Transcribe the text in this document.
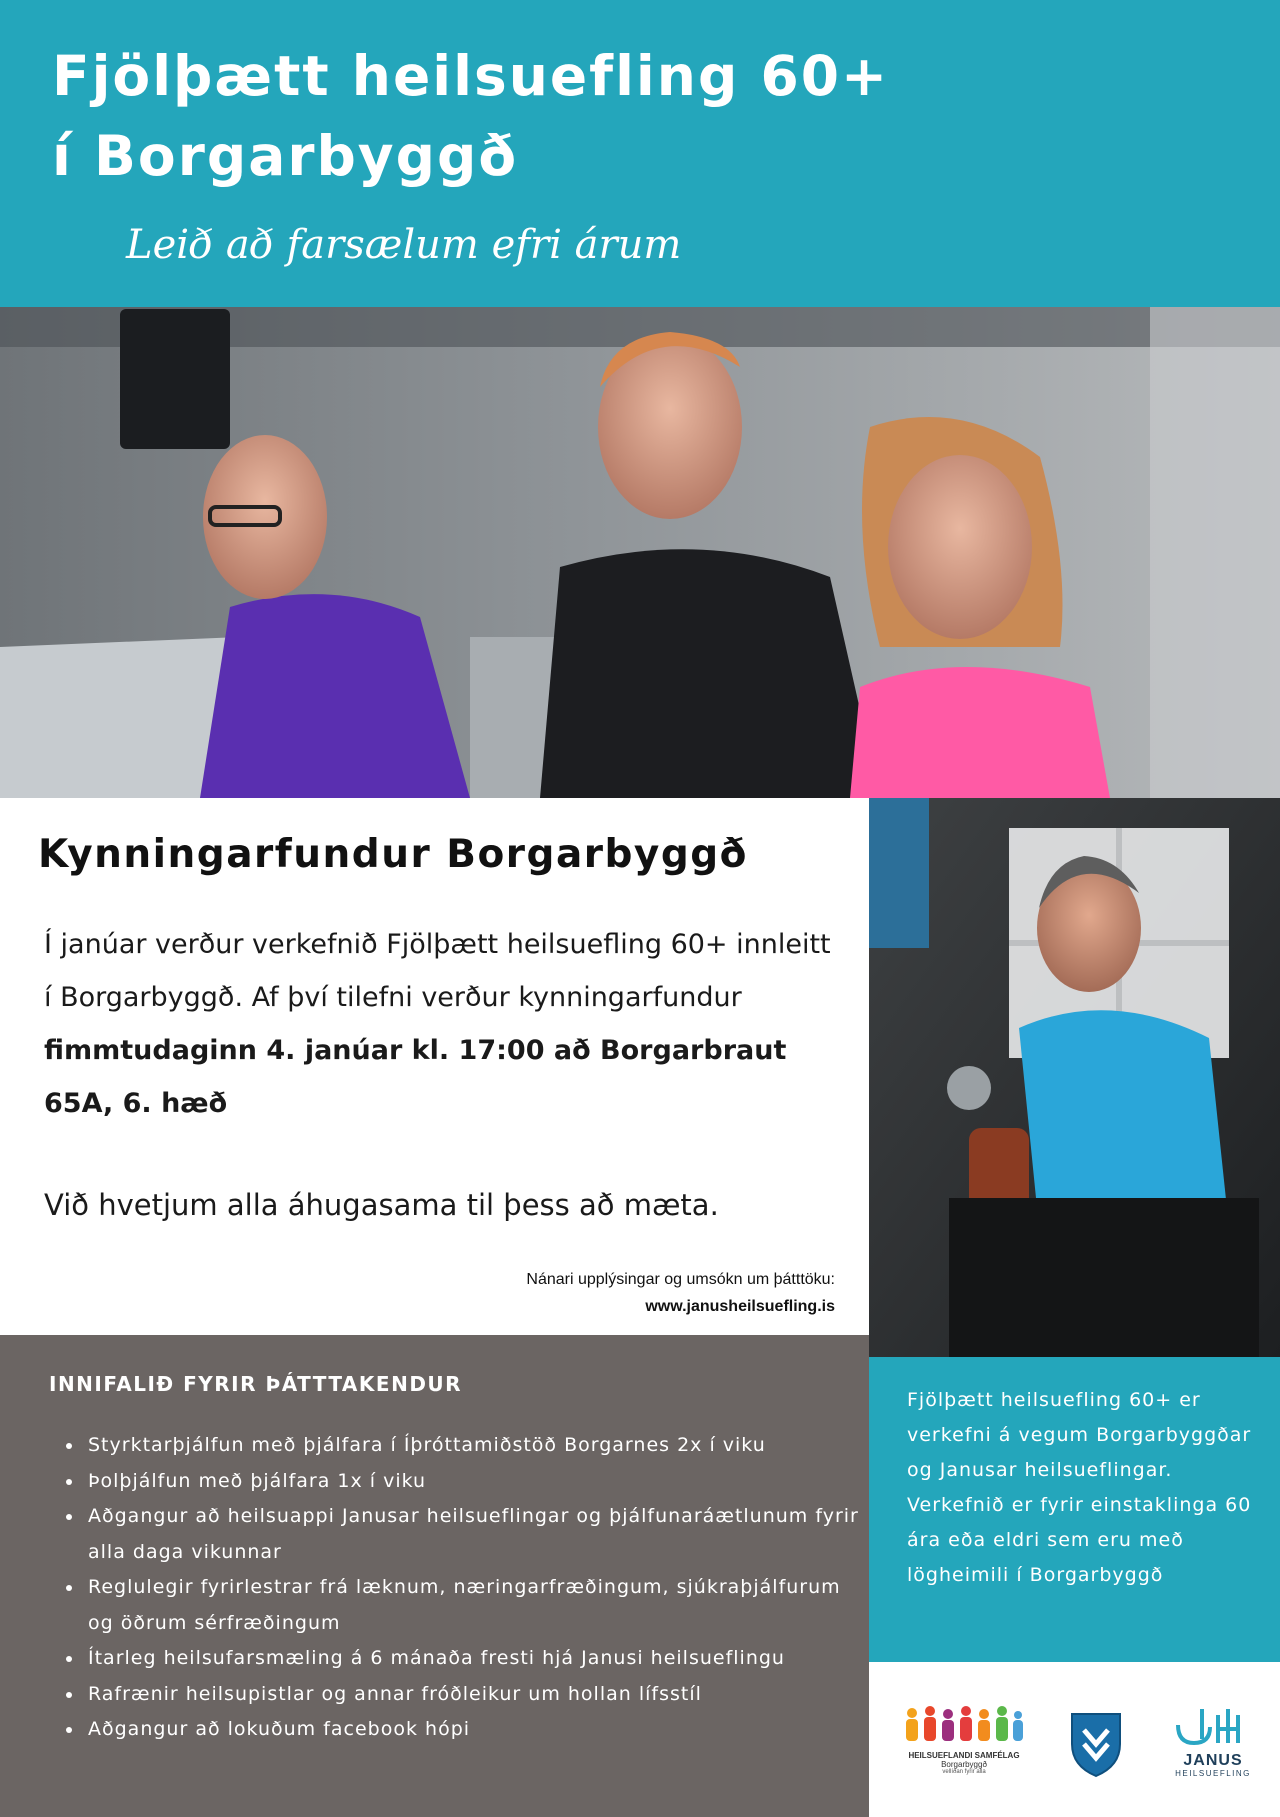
Fjölþætt heilsuefling 60+
í Borgarbyggð
Leið að farsælum efri árum
Kynningarfundur Borgarbyggð
Í janúar verður verkefnið Fjölþætt heilsuefling 60+ innleitt í Borgarbyggð. Af því tilefni verður kynningarfundur fimmtudaginn 4. janúar kl. 17:00 að Borgarbraut 65A, 6. hæð
Við hvetjum alla áhugasama til þess að mæta.
Nánari upplýsingar og umsókn um þátttöku:
www.janusheilsuefling.is
INNIFALIÐ FYRIR ÞÁTTTAKENDUR
Styrktarþjálfun með þjálfara í Íþróttamiðstöð Borgarnes 2x í viku
Þolþjálfun með þjálfara 1x í viku
Aðgangur að heilsuappi Janusar heilsueflingar og þjálfunaráætlunum fyrir alla daga vikunnar
Reglulegir fyrirlestrar frá læknum, næringarfræðingum, sjúkraþjálfurum og öðrum sérfræðingum
Ítarleg heilsufarsmæling á 6 mánaða fresti hjá Janusi heilsueflingu
Rafrænir heilsupistlar og annar fróðleikur um hollan lífsstíl
Aðgangur að lokuðum facebook hópi
Fjölþætt heilsuefling 60+ er verkefni á vegum Borgarbyggðar og Janusar heilsueflingar.
Verkefnið er fyrir einstaklinga 60 ára eða eldri sem eru með lögheimili í Borgarbyggð
HEILSUEFLANDI SAMFÉLAG
Borgarbyggð
vellíðan fyrir alla
JANUS
HEILSUEFLING
